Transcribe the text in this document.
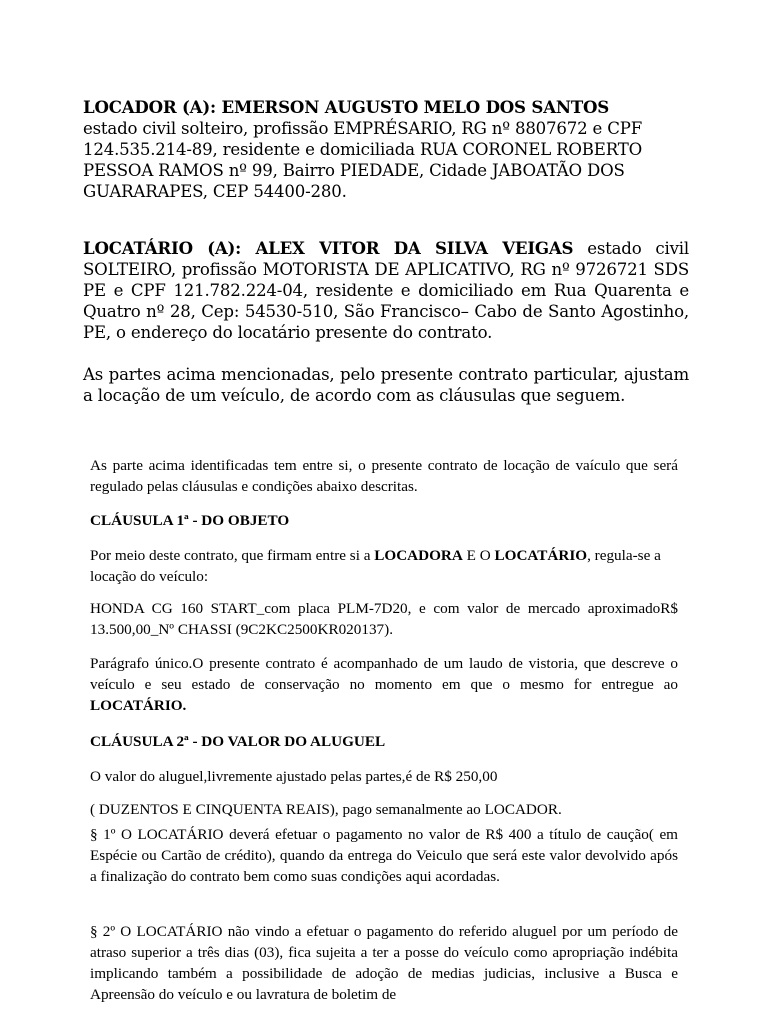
LOCADOR (A): EMERSON AUGUSTO MELO DOS SANTOS
estado civil solteiro, profissão EMPRÉSARIO, RG nº 8807672 e CPF 124.535.214-89, residente e domiciliada RUA CORONEL ROBERTO PESSOA RAMOS nº 99, Bairro PIEDADE, Cidade JABOATÃO DOS GUARARAPES, CEP 54400-280.

LOCATÁRIO (A): ALEX VITOR DA SILVA VEIGAS estado civil SOLTEIRO, profissão MOTORISTA DE APLICATIVO, RG nº 9726721 SDS PE e CPF 121.782.224-04, residente e domiciliado em Rua Quarenta e Quatro nº 28, Cep: 54530-510, São Francisco– Cabo de Santo Agostinho, PE, o endereço do locatário presente do contrato.

As partes acima mencionadas, pelo presente contrato particular, ajustam a locação de um veículo, de acordo com as cláusulas que seguem.

As parte acima identificadas tem entre si, o presente contrato de locação de vaículo que será regulado pelas cláusulas e condições abaixo descritas.

CLÁUSULA 1ª - DO OBJETO

Por meio deste contrato, que firmam entre si a LOCADORA E O LOCATÁRIO, regula-se a locação do veículo:

HONDA CG 160 START_com placa PLM-7D20, e com valor de mercado aproximadoR$ 13.500,00_Nº CHASSI (9C2KC2500KR020137).

Parágrafo único.O presente contrato é acompanhado de um laudo de vistoria, que descreve o veículo e seu estado de conservação no momento em que o mesmo for entregue ao LOCATÁRIO.

CLÁUSULA 2ª - DO VALOR DO ALUGUEL

O valor do aluguel,livremente ajustado pelas partes,é de R$ 250,00

( DUZENTOS E CINQUENTA REAIS), pago semanalmente ao LOCADOR.

§ 1º O LOCATÁRIO deverá efetuar o pagamento no valor de R$ 400 a título de caução( em Espécie ou Cartão de crédito), quando da entrega do Veiculo que será este valor devolvido após a finalização do contrato bem como suas condições aqui acordadas.

§ 2º O LOCATÁRIO não vindo a efetuar o pagamento do referido aluguel por um período de atraso superior a três dias (03), fica sujeita a ter a posse do veículo como apropriação indébita implicando também a possibilidade de adoção de medias judicias, inclusive a Busca e Apreensão do veículo e ou lavratura de boletim de
